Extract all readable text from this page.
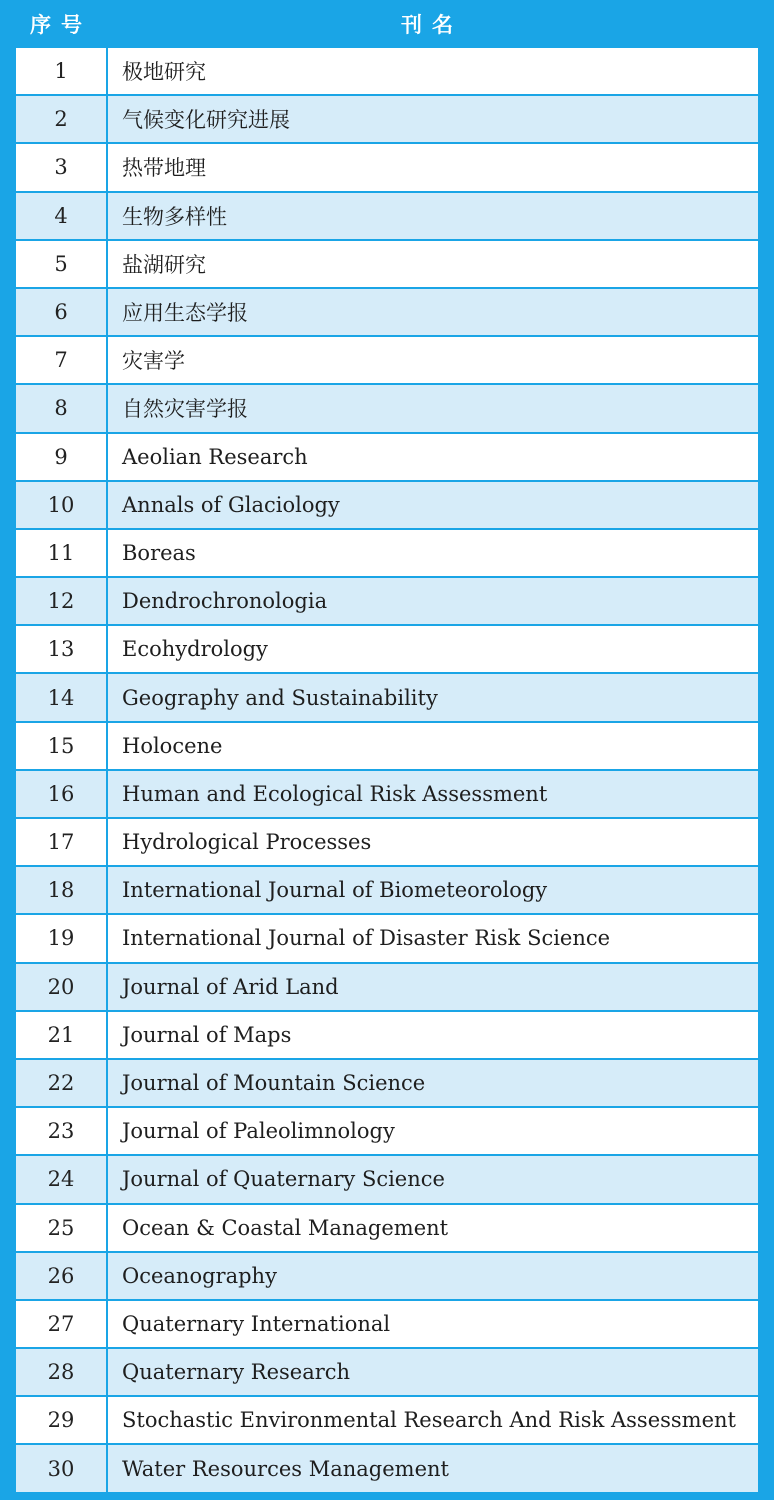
序号	刊名
1	极地研究
2	气候变化研究进展
3	热带地理
4	生物多样性
5	盐湖研究
6	应用生态学报
7	灾害学
8	自然灾害学报
9	Aeolian Research
10	Annals of Glaciology
11	Boreas
12	Dendrochronologia
13	Ecohydrology
14	Geography and Sustainability
15	Holocene
16	Human and Ecological Risk Assessment
17	Hydrological Processes
18	International Journal of Biometeorology
19	International Journal of Disaster Risk Science
20	Journal of Arid Land
21	Journal of Maps
22	Journal of Mountain Science
23	Journal of Paleolimnology
24	Journal of Quaternary Science
25	Ocean & Coastal Management
26	Oceanography
27	Quaternary International
28	Quaternary Research
29	Stochastic Environmental Research And Risk Assessment
30	Water Resources Management
